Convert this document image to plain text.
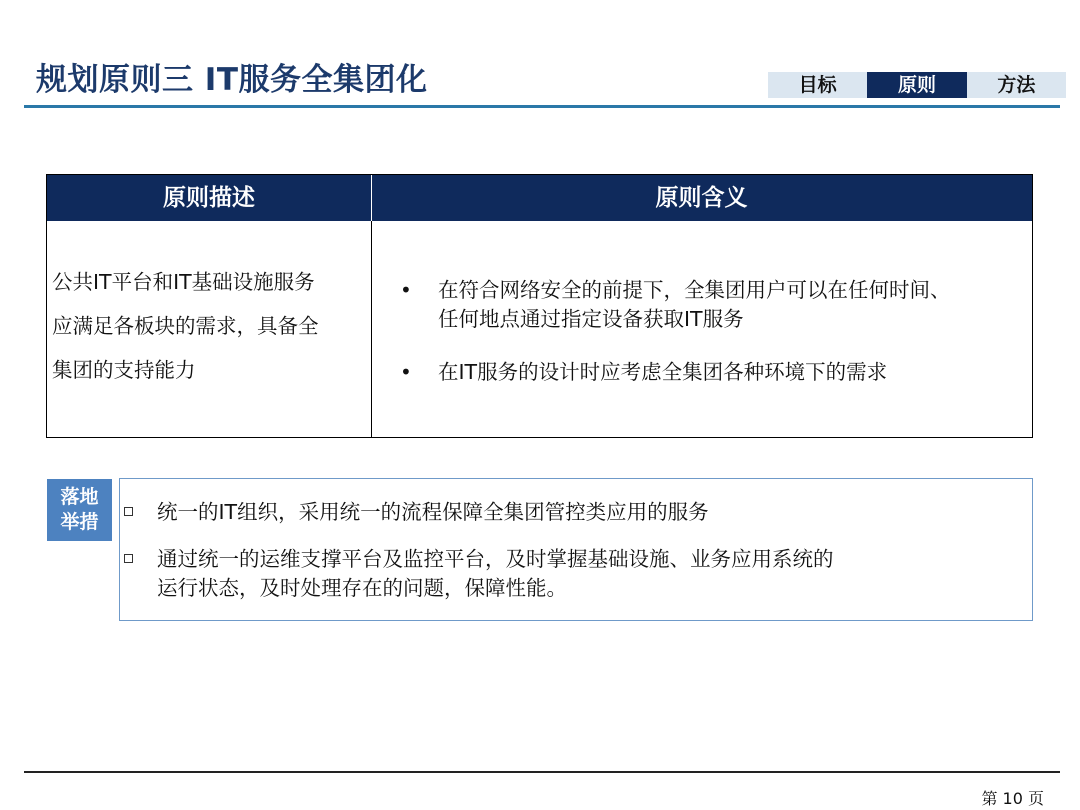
规划原则三 IT服务全集团化	目标	原则	方法
原则描述	原则含义
公共IT平台和IT基础设施服务
应满足各板块的需求，具备全
集团的支持能力
• 在符合网络安全的前提下，全集团用户可以在任何时间、
任何地点通过指定设备获取IT服务
• 在IT服务的设计时应考虑全集团各种环境下的需求
落地
举措	统一的IT组织，采用统一的流程保障全集团管控类应用的服务
通过统一的运维支撑平台及监控平台，及时掌握基础设施、业务应用系统的
运行状态，及时处理存在的问题，保障性能。
第 10 页
